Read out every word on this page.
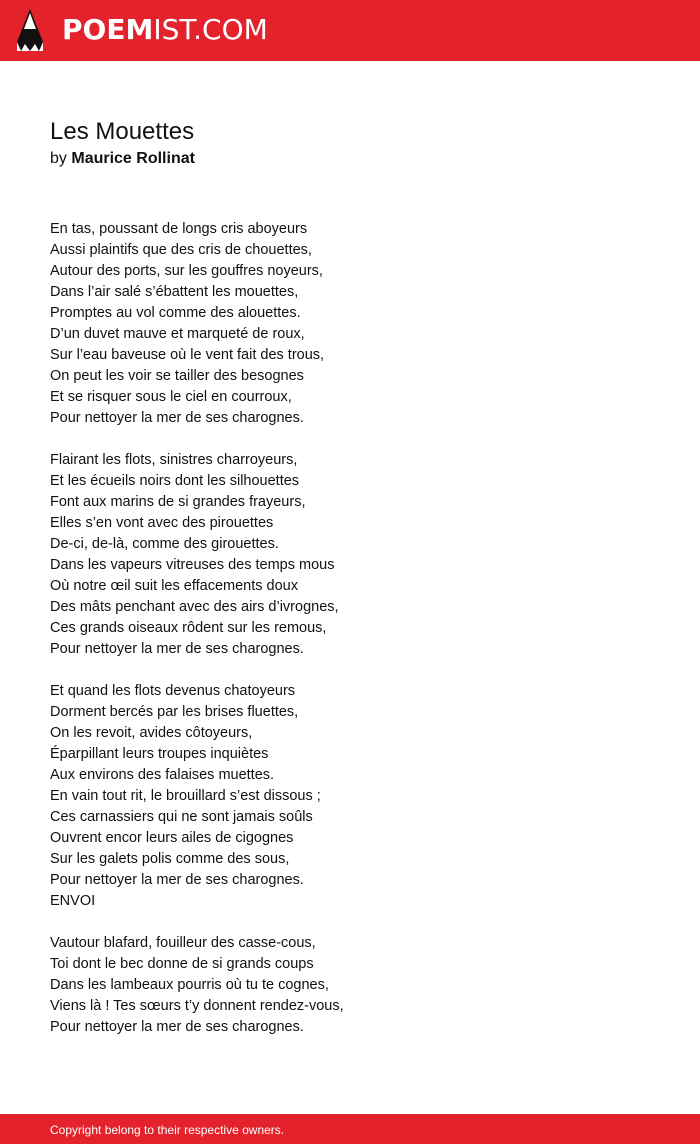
POEMIST.COM
Les Mouettes
by Maurice Rollinat
En tas, poussant de longs cris aboyeurs
Aussi plaintifs que des cris de chouettes,
Autour des ports, sur les gouffres noyeurs,
Dans l’air salé s’ébattent les mouettes,
Promptes au vol comme des alouettes.
D’un duvet mauve et marqueté de roux,
Sur l’eau baveuse où le vent fait des trous,
On peut les voir se tailler des besognes
Et se risquer sous le ciel en courroux,
Pour nettoyer la mer de ses charognes.
Flairant les flots, sinistres charroyeurs,
Et les écueils noirs dont les silhouettes
Font aux marins de si grandes frayeurs,
Elles s’en vont avec des pirouettes
De-ci, de-là, comme des girouettes.
Dans les vapeurs vitreuses des temps mous
Où notre œil suit les effacements doux
Des mâts penchant avec des airs d’ivrognes,
Ces grands oiseaux rôdent sur les remous,
Pour nettoyer la mer de ses charognes.
Et quand les flots devenus chatoyeurs
Dorment bercés par les brises fluettes,
On les revoit, avides côtoyeurs,
Éparpillant leurs troupes inquiètes
Aux environs des falaises muettes.
En vain tout rit, le brouillard s’est dissous ;
Ces carnassiers qui ne sont jamais soûls
Ouvrent encor leurs ailes de cigognes
Sur les galets polis comme des sous,
Pour nettoyer la mer de ses charognes.
ENVOI
Vautour blafard, fouilleur des casse-cous,
Toi dont le bec donne de si grands coups
Dans les lambeaux pourris où tu te cognes,
Viens là ! Tes sœurs t’y donnent rendez-vous,
Pour nettoyer la mer de ses charognes.
Copyright belong to their respective owners.
